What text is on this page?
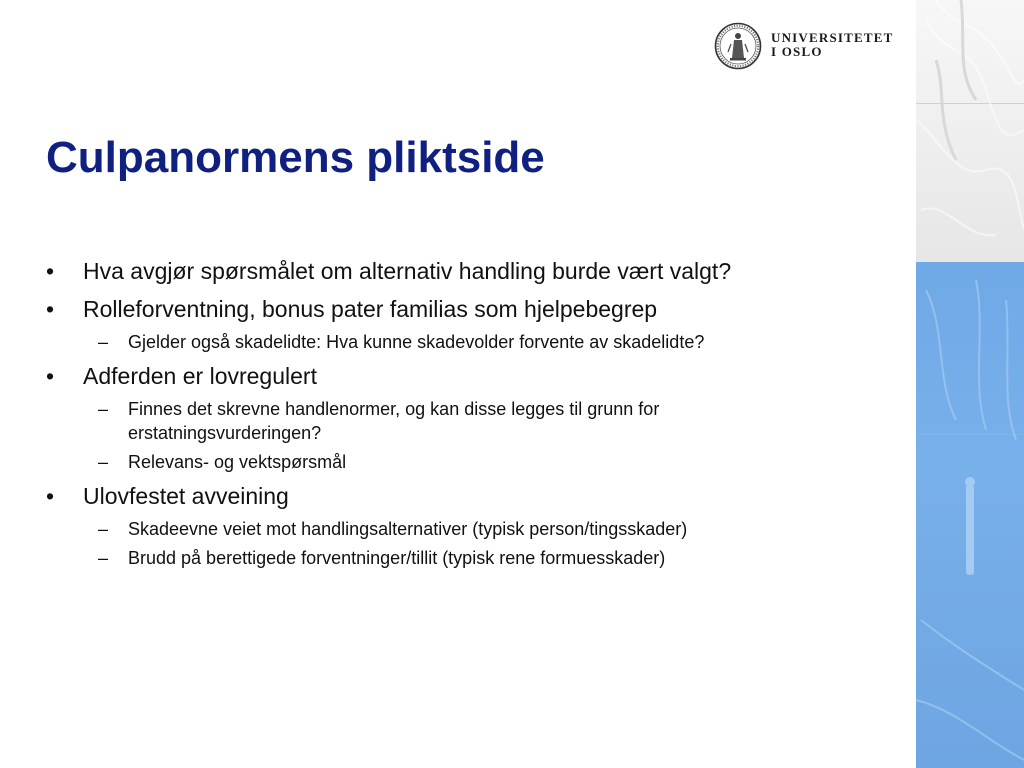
UNIVERSITETET
I OSLO
Culpanormens pliktside
• Hva avgjør spørsmålet om alternativ handling burde vært valgt?
• Rolleforventning, bonus pater familias som hjelpebegrep
– Gjelder også skadelidte: Hva kunne skadevolder forvente av skadelidte?
• Adferden er lovregulert
– Finnes det skrevne handlenormer, og kan disse legges til grunn for erstatningsvurderingen?
– Relevans- og vektspørsmål
• Ulovfestet avveining
– Skadeevne veiet mot handlingsalternativer (typisk person/tingsskader)
– Brudd på berettigede forventninger/tillit (typisk rene formuesskader)
